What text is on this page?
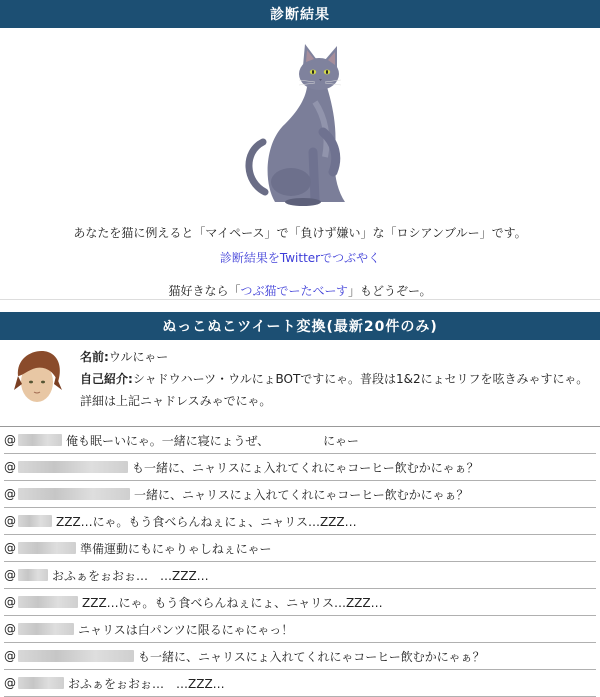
診断結果
あなたを猫に例えると「マイペース」で「負けず嫌い」な「ロシアンブルー」です。
診断結果をTwitterでつぶやく
猫好きなら「つぶ猫でーたべーす」もどうぞー。
ぬっこぬこツイート変換(最新20件のみ)
名前:ウルにゃー
自己紹介:シャドウハーツ・ウルにょBOTですにゃ。普段は1&2にょセリフを呟きみゃすにゃ。
詳細は上記ニャドレスみゃでにゃ。
@	俺も眠ーいにゃ。一緒に寝にょうぜ、　　　　　にゃー
@	も一緒に、ニャリスにょ入れてくれにゃコーヒー飲むかにゃぁ？
@	一緒に、ニャリスにょ入れてくれにゃコーヒー飲むかにゃぁ？
@	ZZZ…にゃ。もう食べらんねぇにょ、ニャリス…ZZZ…
@	準備運動にもにゃりゃしねぇにゃー
@	おふぁをぉおぉ…　…ZZZ…
@	ZZZ…にゃ。もう食べらんねぇにょ、ニャリス…ZZZ…
@	ニャリスは白パンツに限るにゃにゃっ！
@	も一緒に、ニャリスにょ入れてくれにゃコーヒー飲むかにゃぁ？
@	おふぁをぉおぉ…　…ZZZ…
